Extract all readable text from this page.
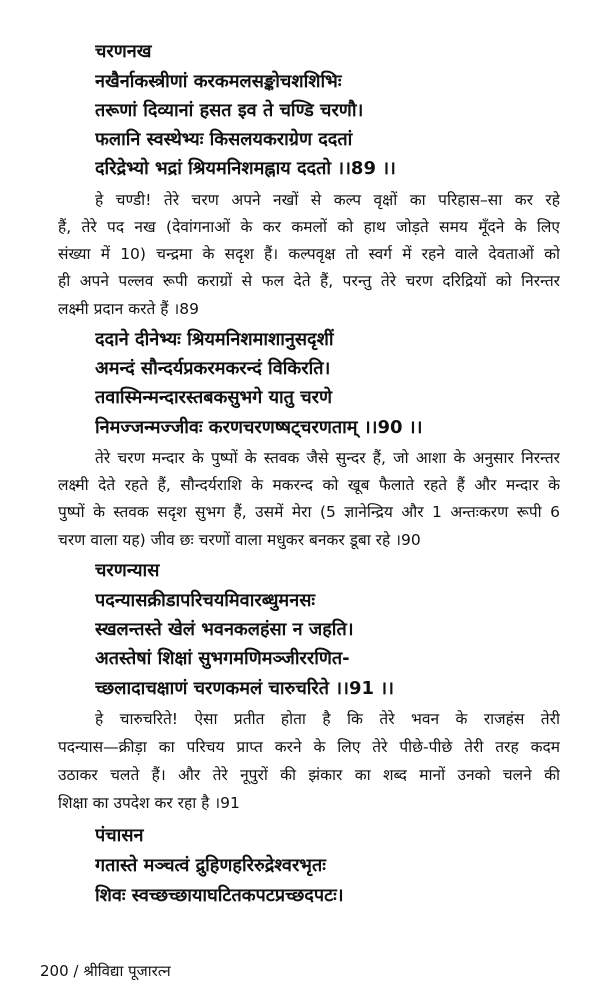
चरणनख
नखैर्नाकस्त्रीणां करकमलसङ्कोचशशिभिः
तरूणां दिव्यानां हसत इव ते चण्डि चरणौ।
फलानि स्वस्थेभ्यः किसलयकराग्रेण ददतां
दरिद्रेभ्यो भद्रां श्रियमनिशमह्नाय ददतो ।।89 ।।
हे चण्डी! तेरे चरण अपने नखों से कल्प वृक्षों का परिहास–सा कर रहे
हैं, तेरे पद नख (देवांगनाओं के कर कमलों को हाथ जोड़ते समय मूँदने के लिए
संख्या में 10) चन्द्रमा के सदृश हैं। कल्पवृक्ष तो स्वर्ग में रहने वाले देवताओं को
ही अपने पल्लव रूपी कराग्रों से फल देते हैं, परन्तु तेरे चरण दरिद्रियों को निरन्तर
लक्ष्मी प्रदान करते हैं ।89
ददाने दीनेभ्यः श्रियमनिशमाशानुसदृशीं
अमन्दं सौन्दर्यप्रकरमकरन्दं विकिरति।
तवास्मिन्मन्दारस्तबकसुभगे यातु चरणे
निमज्जन्मज्जीवः करणचरणष्षट्चरणताम् ।।90 ।।
तेरे चरण मन्दार के पुष्पों के स्तवक जैसे सुन्दर हैं, जो आशा के अनुसार निरन्तर
लक्ष्मी देते रहते हैं, सौन्दर्यराशि के मकरन्द को खूब फैलाते रहते हैं और मन्दार के
पुष्पों के स्तवक सदृश सुभग हैं, उसमें मेरा (5 ज्ञानेन्द्रिय और 1 अन्तःकरण रूपी 6
चरण वाला यह) जीव छः चरणों वाला मधुकर बनकर डूबा रहे ।90
चरणन्यास
पदन्यासक्रीडापरिचयमिवारब्धुमनसः
स्खलन्तस्ते खेलं भवनकलहंसा न जहति।
अतस्तेषां शिक्षां सुभगमणिमञ्जीररणित-
च्छलादाचक्षाणं चरणकमलं चारुचरिते ।।91 ।।
हे चारुचरिते! ऐसा प्रतीत होता है कि तेरे भवन के राजहंस तेरी
पदन्यास—क्रीड़ा का परिचय प्राप्त करने के लिए तेरे पीछे-पीछे तेरी तरह कदम
उठाकर चलते हैं। और तेरे नूपुरों की झंकार का शब्द मानों उनको चलने की
शिक्षा का उपदेश कर रहा है ।91
पंचासन
गतास्ते मञ्चत्वं द्रुहिणहरिरुद्रेश्वरभृतः
शिवः स्वच्छच्छायाघटितकपटप्रच्छदपटः।
200 / श्रीविद्या पूजारत्न
